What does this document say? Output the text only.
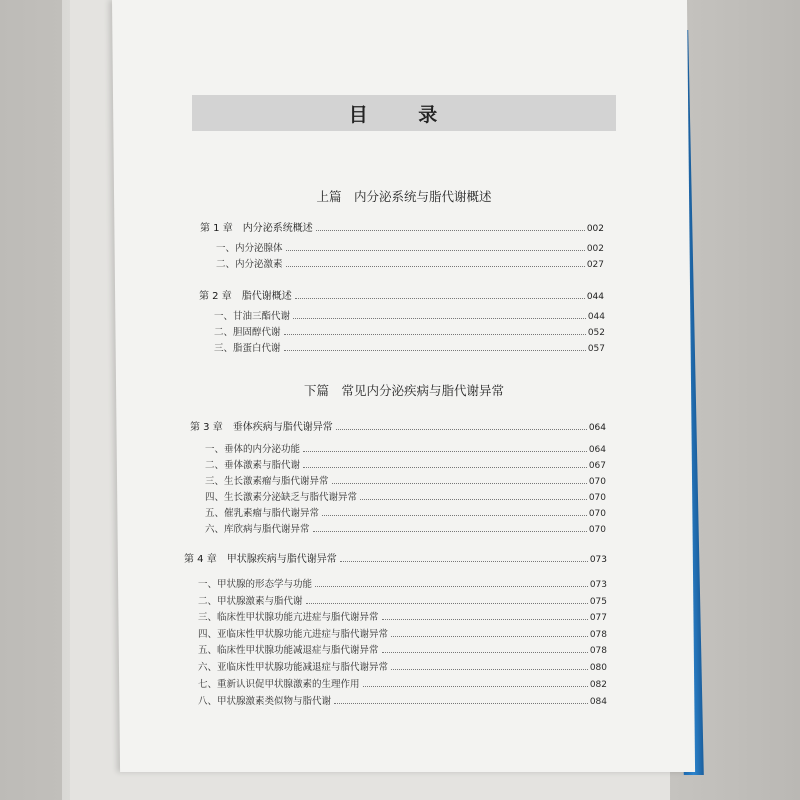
目 录
上篇　内分泌系统与脂代谢概述
下篇　常见内分泌疾病与脂代谢异常
第 1 章　内分泌系统概述	002
一、内分泌腺体	002
二、内分泌激素	027
第 2 章　脂代谢概述	044
一、甘油三酯代谢	044
二、胆固醇代谢	052
三、脂蛋白代谢	057
第 3 章　垂体疾病与脂代谢异常	064
一、垂体的内分泌功能	064
二、垂体激素与脂代谢	067
三、生长激素瘤与脂代谢异常	070
四、生长激素分泌缺乏与脂代谢异常	070
五、催乳素瘤与脂代谢异常	070
六、库欣病与脂代谢异常	070
第 4 章　甲状腺疾病与脂代谢异常	073
一、甲状腺的形态学与功能	073
二、甲状腺激素与脂代谢	075
三、临床性甲状腺功能亢进症与脂代谢异常	077
四、亚临床性甲状腺功能亢进症与脂代谢异常	078
五、临床性甲状腺功能减退症与脂代谢异常	078
六、亚临床性甲状腺功能减退症与脂代谢异常	080
七、重新认识促甲状腺激素的生理作用	082
八、甲状腺激素类似物与脂代谢	084
